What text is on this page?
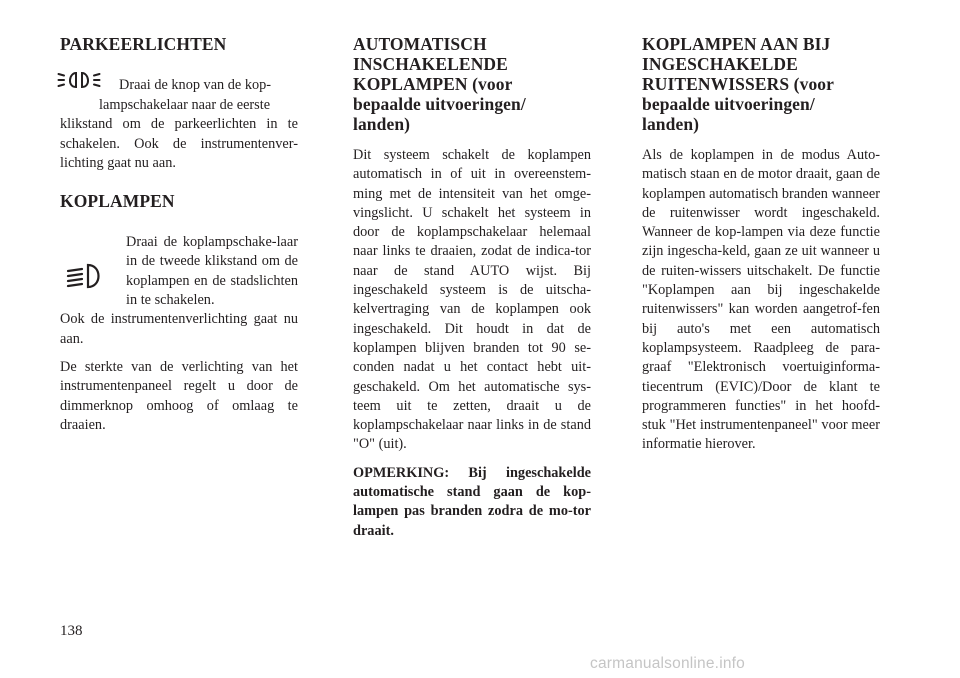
PARKEERLICHTEN

Draai de knop van de kop-

lampschakelaar naar de eerste

klikstand om de parkeerlichten in te schakelen. Ook de instrumentenver-lichting gaat nu aan.

KOPLAMPEN

Draai de koplampschake-laar in de tweede klikstand om de koplampen en de stadslichten in te schakelen.

Ook de instrumentenverlichting gaat nu aan.

De sterkte van de verlichting van het instrumentenpaneel regelt u door de dimmerknop omhoog of omlaag te draaien.

AUTOMATISCH
INSCHAKELENDE
KOPLAMPEN (voor
bepaalde uitvoeringen/
landen)

Dit systeem schakelt de koplampen automatisch in of uit in overeenstem-ming met de intensiteit van het omge-vingslicht. U schakelt het systeem in door de koplampschakelaar helemaal naar links te draaien, zodat de indica-tor naar de stand AUTO wijst. Bij ingeschakeld systeem is de uitscha-kelvertraging van de koplampen ook ingeschakeld. Dit houdt in dat de koplampen blijven branden tot 90 se-conden nadat u het contact hebt uit-geschakeld. Om het automatische sys-teem uit te zetten, draait u de koplampschakelaar naar links in de stand "O" (uit).

OPMERKING: Bij ingeschakelde automatische stand gaan de kop-lampen pas branden zodra de mo-tor draait.

KOPLAMPEN AAN BIJ
INGESCHAKELDE
RUITENWISSERS (voor
bepaalde uitvoeringen/
landen)

Als de koplampen in de modus Auto-matisch staan en de motor draait, gaan de koplampen automatisch branden wanneer de ruitenwisser wordt ingeschakeld. Wanneer de kop-lampen via deze functie zijn ingescha-keld, gaan ze uit wanneer u de ruiten-wissers uitschakelt. De functie "Koplampen aan bij ingeschakelde ruitenwissers" kan worden aangetrof-fen bij auto's met een automatisch koplampsysteem. Raadpleeg de para-graaf "Elektronisch voertuiginforma-tiecentrum (EVIC)/Door de klant te programmeren functies" in het hoofd-stuk "Het instrumentenpaneel" voor meer informatie hierover.

138
carmanualsonline.info
